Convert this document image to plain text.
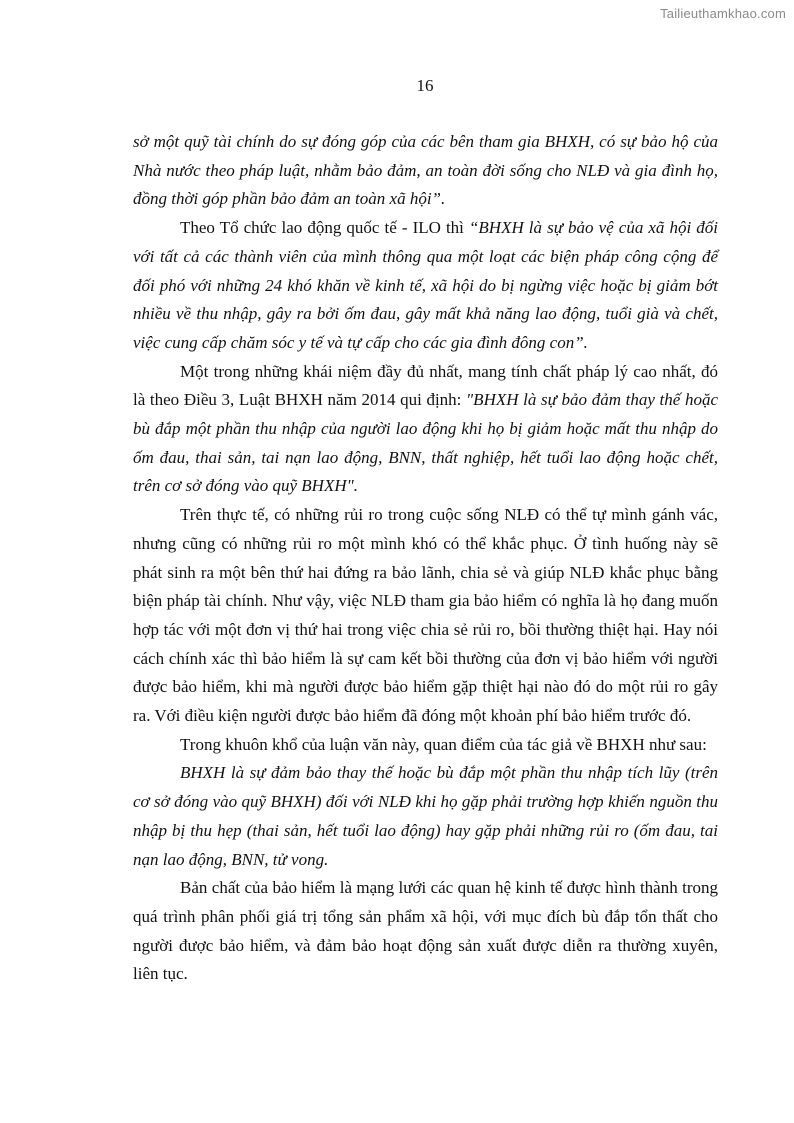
Tailieuthamkhao.com
16

sở một quỹ tài chính do sự đóng góp của các bên tham gia BHXH, có sự bảo hộ của Nhà nước theo pháp luật, nhằm bảo đảm, an toàn đời sống cho NLĐ và gia đình họ, đồng thời góp phần bảo đảm an toàn xã hội”.

Theo Tổ chức lao động quốc tế - ILO thì “BHXH là sự bảo vệ của xã hội đối với tất cả các thành viên của mình thông qua một loạt các biện pháp công cộng để đối phó với những 24 khó khăn về kinh tế, xã hội do bị ngừng việc hoặc bị giảm bớt nhiều về thu nhập, gây ra bởi ốm đau, gây mất khả năng lao động, tuổi già và chết, việc cung cấp chăm sóc y tế và tự cấp cho các gia đình đông con”.

Một trong những khái niệm đầy đủ nhất, mang tính chất pháp lý cao nhất, đó là theo Điều 3, Luật BHXH năm 2014 qui định: "BHXH là sự bảo đảm thay thế hoặc bù đắp một phần thu nhập của người lao động khi họ bị giảm hoặc mất thu nhập do ốm đau, thai sản, tai nạn lao động, BNN, thất nghiệp, hết tuổi lao động hoặc chết, trên cơ sở đóng vào quỹ BHXH".

Trên thực tế, có những rủi ro trong cuộc sống NLĐ có thể tự mình gánh vác, nhưng cũng có những rủi ro một mình khó có thể khắc phục. Ở tình huống này sẽ phát sinh ra một bên thứ hai đứng ra bảo lãnh, chia sẻ và giúp NLĐ khắc phục bằng biện pháp tài chính. Như vậy, việc NLĐ tham gia bảo hiểm có nghĩa là họ đang muốn hợp tác với một đơn vị thứ hai trong việc chia sẻ rủi ro, bồi thường thiệt hại. Hay nói cách chính xác thì bảo hiểm là sự cam kết bồi thường của đơn vị bảo hiểm với người được bảo hiểm, khi mà người được bảo hiểm gặp thiệt hại nào đó do một rủi ro gây ra. Với điều kiện người được bảo hiểm đã đóng một khoản phí bảo hiểm trước đó.

Trong khuôn khổ của luận văn này, quan điểm của tác giả về BHXH như sau:

BHXH là sự đảm bảo thay thế hoặc bù đắp một phần thu nhập tích lũy (trên cơ sở đóng vào quỹ BHXH) đối với NLĐ khi họ gặp phải trường hợp khiến nguồn thu nhập bị thu hẹp (thai sản, hết tuổi lao động) hay gặp phải những rủi ro (ốm đau, tai nạn lao động, BNN, tử vong.

Bản chất của bảo hiểm là mạng lưới các quan hệ kinh tế được hình thành trong quá trình phân phối giá trị tổng sản phẩm xã hội, với mục đích bù đắp tổn thất cho người được bảo hiểm, và đảm bảo hoạt động sản xuất được diễn ra thường xuyên, liên tục.
